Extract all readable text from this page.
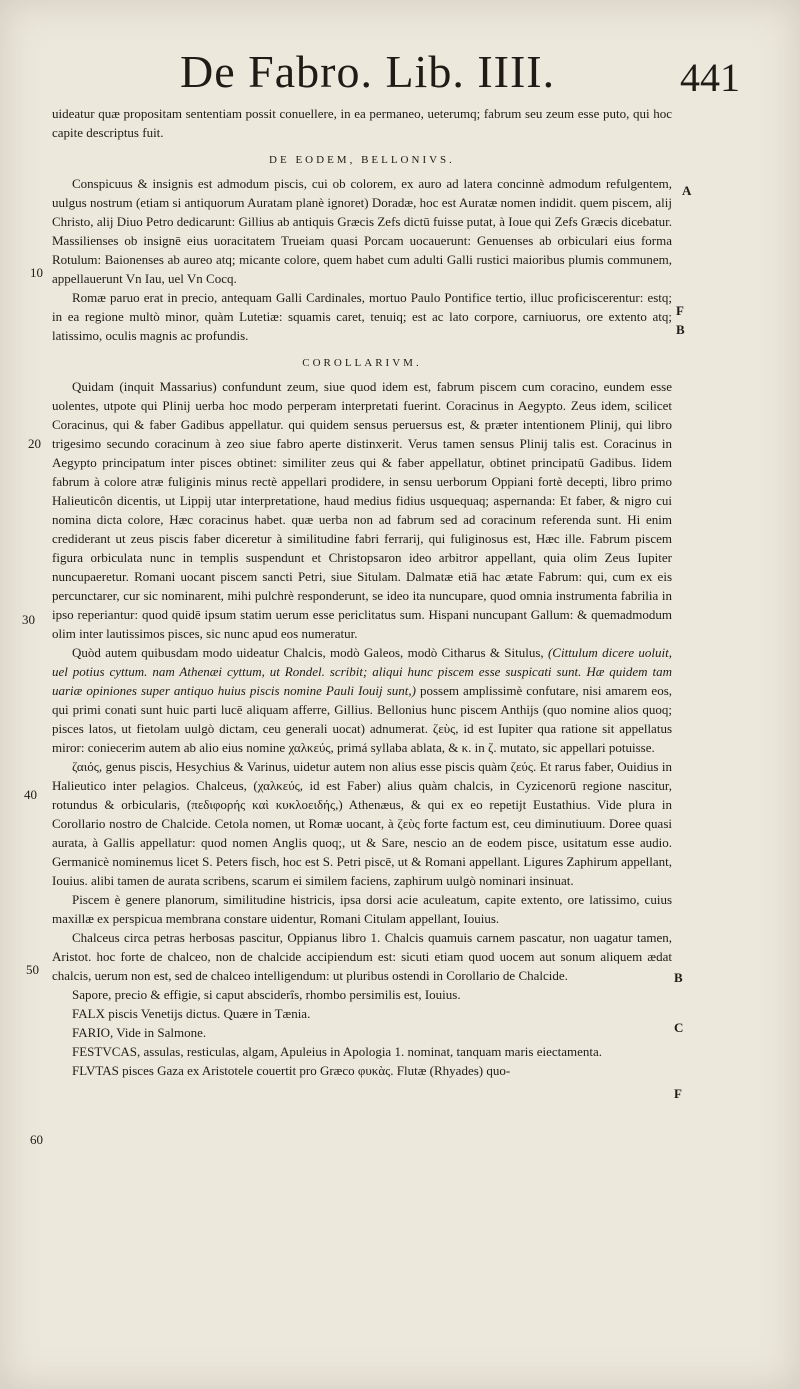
De Fabro. Lib. IIII.	441

uideatur quæ propositam sententiam possit conuellere, in ea permaneo, ueterumq; fabrum seu zeum esse puto, qui hoc capite descriptus fuit.

DE EODEM, BELLONIVS.

Conspicuus & insignis est admodum piscis, cui ob colorem, ex auro ad latera concinnè admodum refulgentem, uulgus nostrum (etiam si antiquorum Auratam planè ignoret) Doradæ, hoc est Auratæ nomen indidit. quem piscem, alij Christo, alij Diuo Petro dedicarunt: Gillius ab antiquis Græcis Zefs dictū fuisse putat, à Ioue qui Zefs Græcis dicebatur. Massilienses ob insignē eius uoracitatem Trueiam quasi Porcam uocauerunt: Genuenses ab orbiculari eius forma Rotulum: Baionenses ab aureo atq; micante colore, quem habet cum adulti Galli rustici maioribus plumis communem, appellauerunt Vn Iau, uel Vn Cocq.

Romæ paruo erat in precio, antequam Galli Cardinales, mortuo Paulo Pontifice tertio, illuc proficiscerentur: estq; in ea regione multò minor, quàm Lutetiæ: squamis caret, tenuiq; est ac lato corpore, carniuorus, ore extento atq; latissimo, oculis magnis ac profundis.

COROLLARIVM.

Quidam (inquit Massarius) confundunt zeum, siue quod idem est, fabrum piscem cum coracino, eundem esse uolentes, utpote qui Plinij uerba hoc modo perperam interpretati fuerint. Coracinus in Aegypto. Zeus idem, scilicet Coracinus, qui & faber Gadibus appellatur. qui quidem sensus peruersus est, & præter intentionem Plinij, qui libro trigesimo secundo coracinum à zeo siue fabro aperte distinxerit. Verus tamen sensus Plinij talis est. Coracinus in Aegypto principatum inter pisces obtinet: similiter zeus qui & faber appellatur, obtinet principatū Gadibus. Iidem fabrum à colore atræ fuliginis minus rectè appellari prodidere, in sensu uerborum Oppiani fortè decepti, libro primo Halieuticôn dicentis, ut Lippij utar interpretatione, haud medius fidius usquequaq; aspernanda: Et faber, & nigro cui nomina dicta colore, Hæc coracinus habet. quæ uerba non ad fabrum sed ad coracinum referenda sunt. Hi enim crediderant ut zeus piscis faber diceretur à similitudine fabri ferrarij, qui fuliginosus est, Hæc ille. Fabrum piscem figura orbiculata nunc in templis suspendunt et Christopsaron ideo arbitror appellant, quia olim Zeus Iupiter nuncupaeretur. Romani uocant piscem sancti Petri, siue Situlam. Dalmatæ etiā hac ætate Fabrum: qui, cum ex eis percunctarer, cur sic nominarent, mihi pulchrè responderunt, se ideo ita nuncupare, quod omnia instrumenta fabrilia in ipso reperiantur: quod quidē ipsum statim uerum esse periclitatus sum. Hispani nuncupant Gallum: & quemadmodum olim inter lautissimos pisces, sic nunc apud eos numeratur.

Quòd autem quibusdam modo uideatur Chalcis, modò Galeos, modò Citharus & Situlus, (Cittulum dicere uoluit, uel potius cyttum. nam Athenæi cyttum, ut Rondel. scribit; aliqui hunc piscem esse suspicati sunt. Hæ quidem tam uariæ opiniones super antiquo huius piscis nomine Pauli Iouij sunt,) possem amplissimè confutare, nisi amarem eos, qui primi conati sunt huic parti lucē aliquam afferre, Gillius. Bellonius hunc piscem Anthijs (quo nomine alios quoq; pisces latos, ut fietolam uulgò dictam, ceu generali uocat) adnumerat. ζεὺς, id est Iupiter qua ratione sit appellatus miror: coniecerim autem ab alio eius nomine χαλκεύς, primá syllaba ablata, & κ. in ζ. mutato, sic appellari potuisse.

ζαιός, genus piscis, Hesychius & Varinus, uidetur autem non alius esse piscis quàm ζεύς. Et rarus faber, Ouidius in Halieutico inter pelagios. Chalceus, (χαλκεύς, id est Faber) alius quàm chalcis, in Cyzicenorū regione nascitur, rotundus & orbicularis, (πεδιφορής καὶ κυκλοειδής,) Athenæus, & qui ex eo repetijt Eustathius. Vide plura in Corollario nostro de Chalcide. Cetola nomen, ut Romæ uocant, à ζεὺς forte factum est, ceu diminutiuum. Doree quasi aurata, à Gallis appellatur: quod nomen Anglis quoq;, ut & Sare, nescio an de eodem pisce, usitatum esse audio. Germanicè nominemus licet S. Peters fisch, hoc est S. Petri piscē, ut & Romani appellant. Ligures Zaphirum appellant, Iouius. alibi tamen de aurata scribens, scarum ei similem faciens, zaphirum uulgò nominari insinuat.

Piscem è genere planorum, similitudine histricis, ipsa dorsi acie aculeatum, capite extento, ore latissimo, cuius maxillæ ex perspicua membrana constare uidentur, Romani Citulam appellant, Iouius.

Chalceus circa petras herbosas pascitur, Oppianus libro 1. Chalcis quamuis carnem pascatur, non uagatur tamen, Aristot. hoc forte de chalceo, non de chalcide accipiendum est: sicuti etiam quod uocem aut sonum aliquem ædat chalcis, uerum non est, sed de chalceo intelligendum: ut pluribus ostendi in Corollario de Chalcide.

Sapore, precio & effigie, si caput absciderîs, rhombo persimilis est, Iouius.

FALX piscis Venetijs dictus. Quære in Tænia.

FARIO, Vide in Salmone.

FESTVCAS, assulas, resticulas, algam, Apuleius in Apologia 1. nominat, tanquam maris eiectamenta.

FLVTAS pisces Gaza ex Aristotele couertit pro Græco φυκὰς. Flutæ (Rhyades) quo-

A
F
B
B
C
F
10
20
30
40
50
60
